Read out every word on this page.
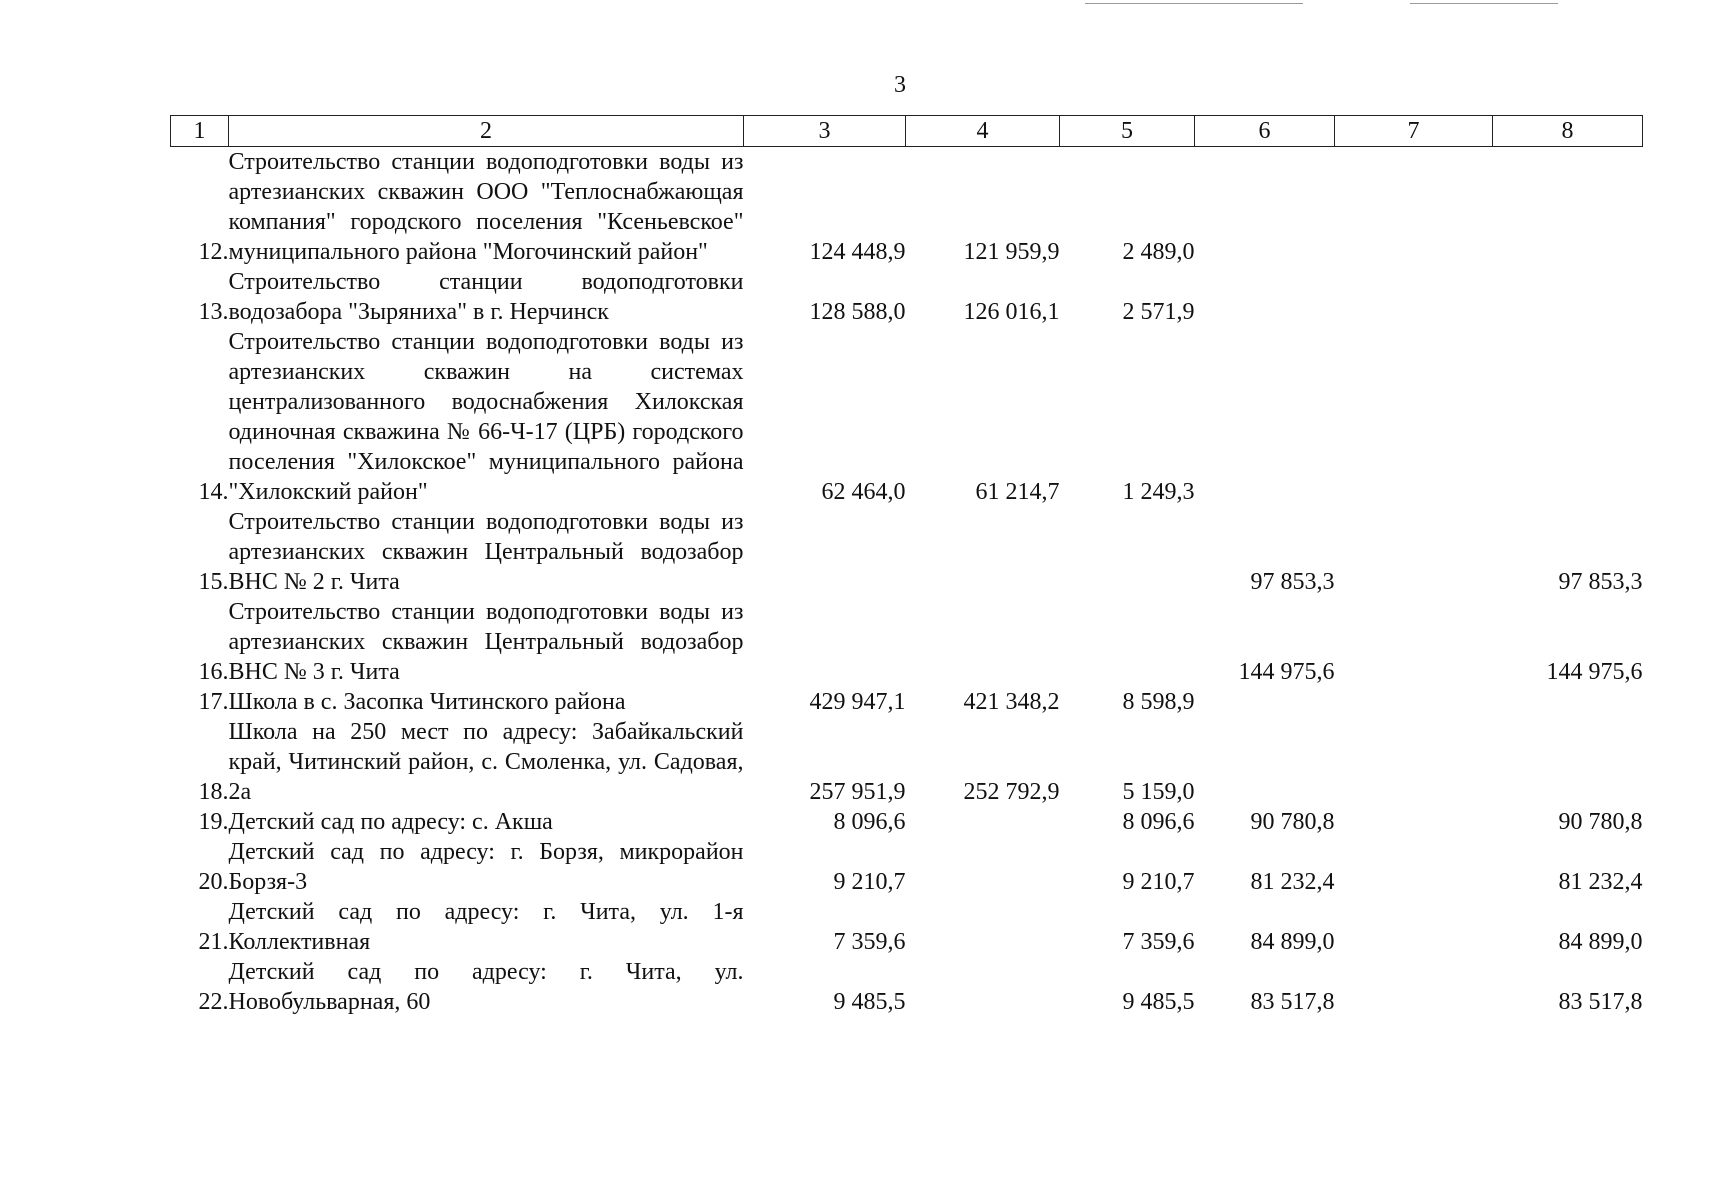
3
1	2	3	4	5	6	7	8
12.	Строительство станции водоподготовки воды из артезианских скважин ООО "Теплоснабжающая компания" городского поселения "Ксеньевское" муниципального района "Могочинский район"	124 448,9	121 959,9	2 489,0			
13.	Строительство станции водоподготовки водозабора "Зыряниха" в г. Нерчинск	128 588,0	126 016,1	2 571,9			
14.	Строительство станции водоподготовки воды из артезианских скважин на системах централизованного водоснабжения Хилокская одиночная скважина № 66-Ч-17 (ЦРБ) городского поселения "Хилокское" муниципального района "Хилокский район"	62 464,0	61 214,7	1 249,3			
15.	Строительство станции водоподготовки воды из артезианских скважин Центральный водозабор ВНС № 2 г. Чита				97 853,3		97 853,3
16.	Строительство станции водоподготовки воды из артезианских скважин Центральный водозабор ВНС № 3 г. Чита				144 975,6		144 975,6
17.	Школа в с. Засопка Читинского района	429 947,1	421 348,2	8 598,9			
18.	Школа на 250 мест по адресу: Забайкальский край, Читинский район, с. Смоленка, ул. Садовая, 2а	257 951,9	252 792,9	5 159,0			
19.	Детский сад по адресу: с. Акша	8 096,6		8 096,6	90 780,8		90 780,8
20.	Детский сад по адресу: г. Борзя, микрорайон Борзя-3	9 210,7		9 210,7	81 232,4		81 232,4
21.	Детский сад по адресу: г. Чита, ул. 1-я Коллективная	7 359,6		7 359,6	84 899,0		84 899,0
22.	Детский сад по адресу: г. Чита, ул. Новобульварная, 60	9 485,5		9 485,5	83 517,8		83 517,8
